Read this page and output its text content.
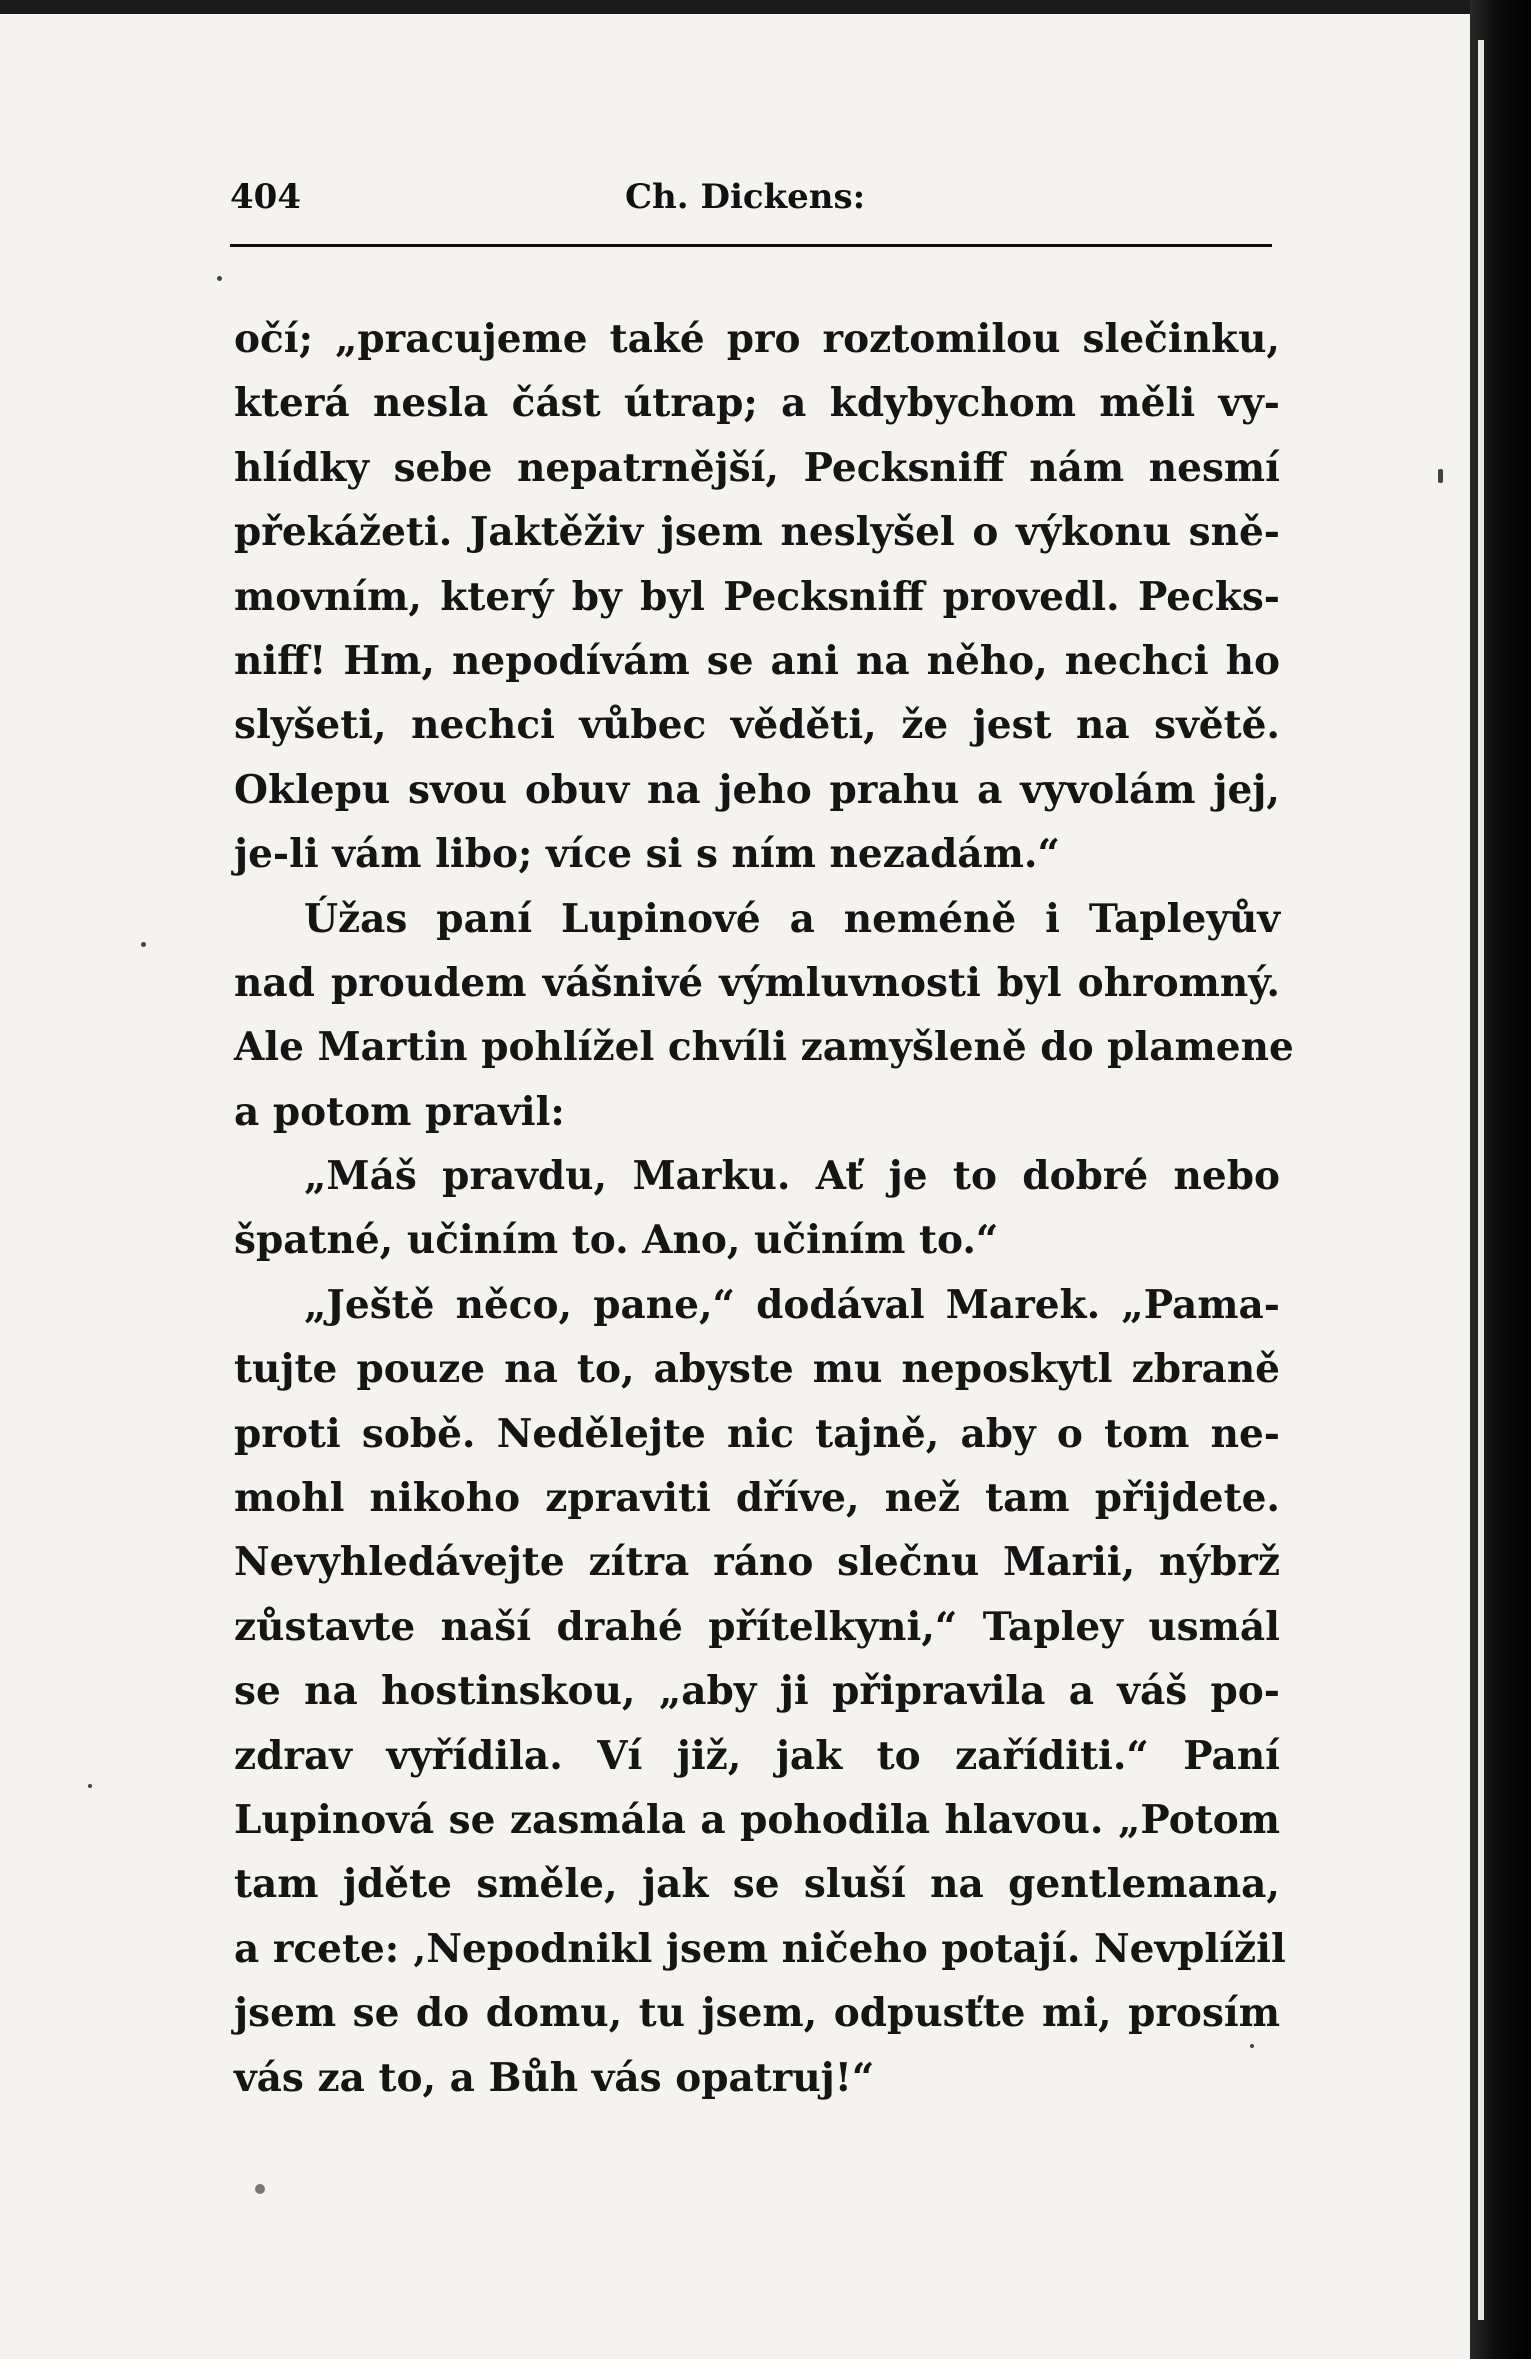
404	Ch. Dickens:
očí; „pracujeme také pro roztomilou slečinku,
která nesla část útrap; a kdybychom měli vy-
hlídky sebe nepatrnější, Pecksniff nám nesmí
překážeti. Jaktěživ jsem neslyšel o výkonu sně-
movním, který by byl Pecksniff provedl. Pecks-
niff! Hm, nepodívám se ani na něho, nechci ho
slyšeti, nechci vůbec věděti, že jest na světě.
Oklepu svou obuv na jeho prahu a vyvolám jej,
je-li vám libo; více si s ním nezadám.“
Úžas paní Lupinové a neméně i Tapleyův
nad proudem vášnivé výmluvnosti byl ohromný.
Ale Martin pohlížel chvíli zamyšleně do plamene
a potom pravil:
„Máš pravdu, Marku. Ať je to dobré nebo
špatné, učiním to. Ano, učiním to.“
„Ještě něco, pane,“ dodával Marek. „Pama-
tujte pouze na to, abyste mu neposkytl zbraně
proti sobě. Nedělejte nic tajně, aby o tom ne-
mohl nikoho zpraviti dříve, než tam přijdete.
Nevyhledávejte zítra ráno slečnu Marii, nýbrž
zůstavte naší drahé přítelkyni,“ Tapley usmál
se na hostinskou, „aby ji připravila a váš po-
zdrav vyřídila. Ví již, jak to zaříditi.“ Paní
Lupinová se zasmála a pohodila hlavou. „Potom
tam jděte směle, jak se sluší na gentlemana,
a rcete: ‚Nepodnikl jsem ničeho potají. Nevplížil
jsem se do domu, tu jsem, odpusťte mi, prosím
vás za to, a Bůh vás opatruj!“
